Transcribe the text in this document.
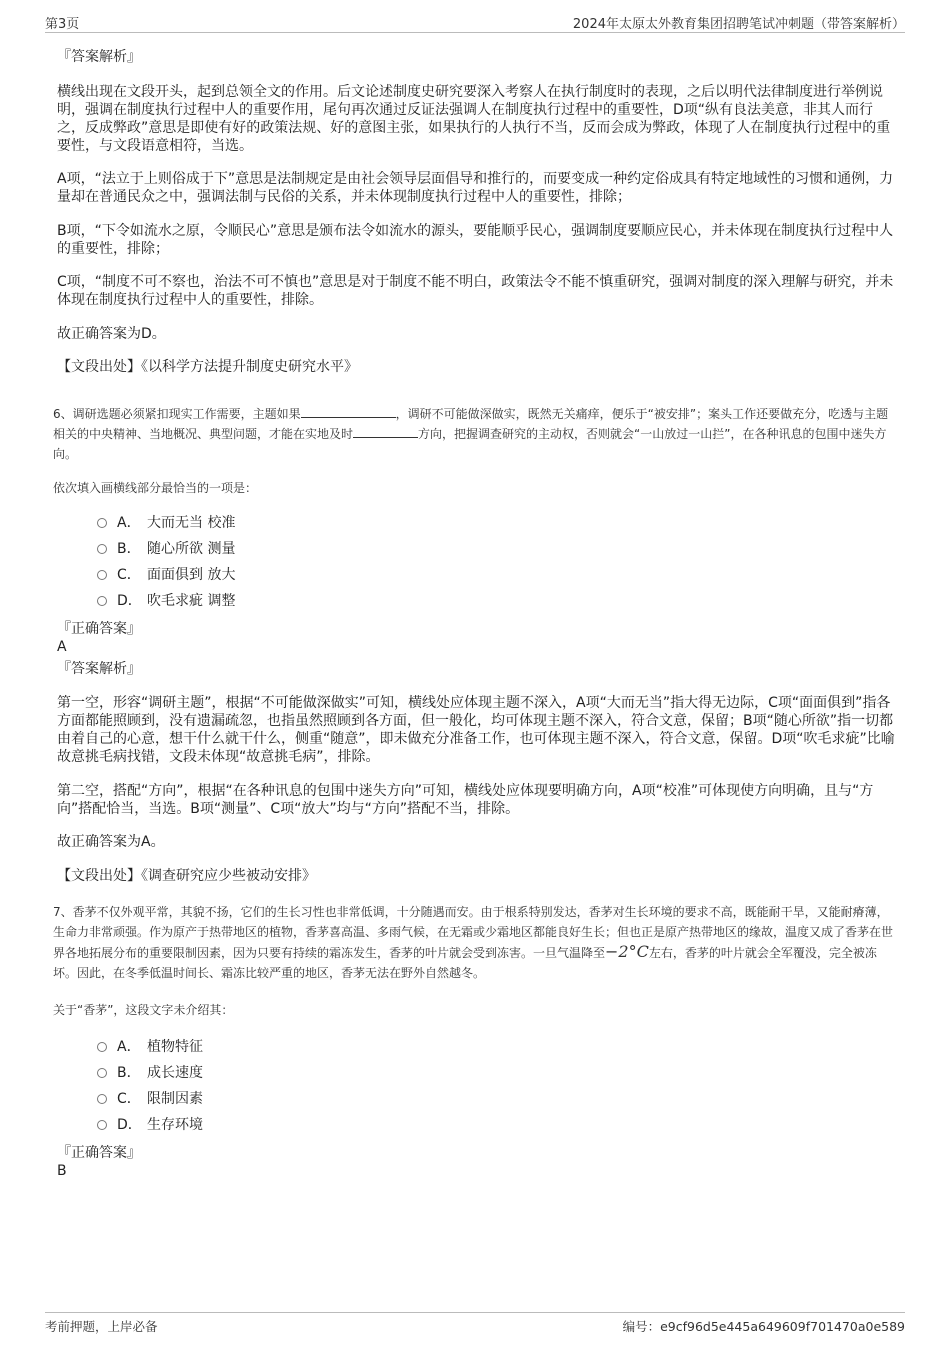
第3页	2024年太原太外教育集团招聘笔试冲刺题（带答案解析）
『答案解析』
横线出现在文段开头，起到总领全文的作用。后文论述制度史研究要深入考察人在执行制度时的表现，之后以明代法律制度进行举例说明，强调在制度执行过程中人的重要作用，尾句再次通过反证法强调人在制度执行过程中的重要性，D项“纵有良法美意，非其人而行之，反成弊政”意思是即使有好的政策法规、好的意图主张，如果执行的人执行不当，反而会成为弊政，体现了人在制度执行过程中的重要性，与文段语意相符，当选。
A项，“法立于上则俗成于下”意思是法制规定是由社会领导层面倡导和推行的，而要变成一种约定俗成具有特定地域性的习惯和通例，力量却在普通民众之中，强调法制与民俗的关系，并未体现制度执行过程中人的重要性，排除；
B项，“下令如流水之原，令顺民心”意思是颁布法令如流水的源头，要能顺乎民心，强调制度要顺应民心，并未体现在制度执行过程中人的重要性，排除；
C项，“制度不可不察也，治法不可不慎也”意思是对于制度不能不明白，政策法令不能不慎重研究，强调对制度的深入理解与研究，并未体现在制度执行过程中人的重要性，排除。
故正确答案为D。
【文段出处】《以科学方法提升制度史研究水平》
6、调研选题必须紧扣现实工作需要，主题如果	，调研不可能做深做实，既然无关痛痒，便乐于“被安排”；案头工作还要做充分，吃透与主题相关的中央精神、当地概况、典型问题，才能在实地及时	方向，把握调查研究的主动权，否则就会“一山放过一山拦”，在各种讯息的包围中迷失方向。
依次填入画横线部分最恰当的一项是：
A． 大而无当 校准
B． 随心所欲 测量
C． 面面俱到 放大
D． 吹毛求疵 调整
『正确答案』
A
『答案解析』
第一空，形容“调研主题”，根据“不可能做深做实”可知，横线处应体现主题不深入，A项“大而无当”指大得无边际，C项“面面俱到”指各方面都能照顾到，没有遗漏疏忽，也指虽然照顾到各方面，但一般化，均可体现主题不深入，符合文意，保留；B项“随心所欲”指一切都由着自己的心意，想干什么就干什么，侧重“随意”，即未做充分准备工作，也可体现主题不深入，符合文意，保留。D项“吹毛求疵”比喻故意挑毛病找错，文段未体现“故意挑毛病”，排除。
第二空，搭配“方向”，根据“在各种讯息的包围中迷失方向”可知，横线处应体现要明确方向，A项“校准”可体现使方向明确，且与“方向”搭配恰当，当选。B项“测量”、C项“放大”均与“方向”搭配不当，排除。
故正确答案为A。
【文段出处】《调查研究应少些被动安排》
7、香茅不仅外观平常，其貌不扬，它们的生长习性也非常低调，十分随遇而安。由于根系特别发达，香茅对生长环境的要求不高，既能耐干旱，又能耐瘠薄，生命力非常顽强。作为原产于热带地区的植物，香茅喜高温、多雨气候，在无霜或少霜地区都能良好生长；但也正是原产热带地区的缘故，温度又成了香茅在世界各地拓展分布的重要限制因素，因为只要有持续的霜冻发生，香茅的叶片就会受到冻害。一旦气温降至−2°C左右，香茅的叶片就会全军覆没，完全被冻坏。因此，在冬季低温时间长、霜冻比较严重的地区，香茅无法在野外自然越冬。
关于“香茅”，这段文字未介绍其：
A． 植物特征
B． 成长速度
C． 限制因素
D． 生存环境
『正确答案』
B
考前押题，上岸必备	编号：e9cf96d5e445a649609f701470a0e589
